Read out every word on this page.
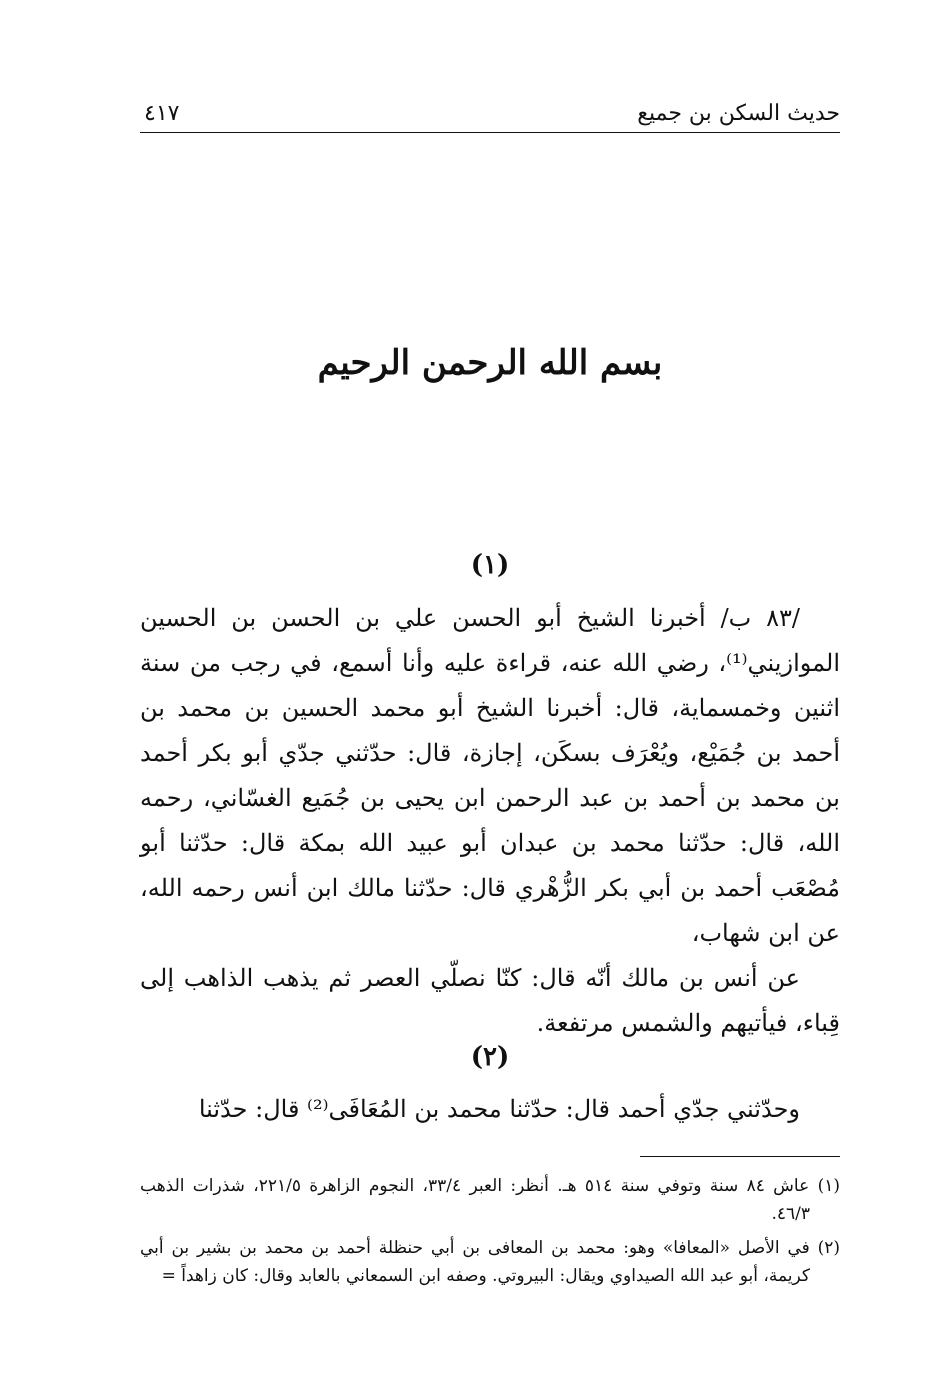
حديث السكن بن جميع
٤١٧
بسم الله الرحمن الرحيم
(١)

/٨٣ ب/ أخبرنا الشيخ أبو الحسن علي بن الحسن بن الحسين الموازيني⁽¹⁾، رضي الله عنه، قراءة عليه وأنا أسمع، في رجب من سنة اثنين وخمسماية، قال: أخبرنا الشيخ أبو محمد الحسين بن محمد بن أحمد بن جُمَيْع، ويُعْرَف بسكَن، إجازة، قال: حدّثني جدّي أبو بكر أحمد بن محمد بن أحمد بن عبد الرحمن ابن يحيى بن جُمَيع الغسّاني، رحمه الله، قال: حدّثنا محمد بن عبدان أبو عبيد الله بمكة قال: حدّثنا أبو مُصْعَب أحمد بن أبي بكر الزُّهْري قال: حدّثنا مالك ابن أنس رحمه الله، عن ابن شهاب،

عن أنس بن مالك أنّه قال: كنّا نصلّي العصر ثم يذهب الذاهب إلى قِباء، فيأتيهم والشمس مرتفعة.

(٢)

وحدّثني جدّي أحمد قال: حدّثنا محمد بن المُعَافَى⁽²⁾ قال: حدّثنا

(١) عاش ٨٤ سنة وتوفي سنة ٥١٤ هـ. أنظر: العبر ٣٣/٤، النجوم الزاهرة ٢٢١/٥، شذرات الذهب ٤٦/٣.

(٢) في الأصل «المعافا» وهو: محمد بن المعافى بن أبي حنظلة أحمد بن محمد بن بشير بن أبي كريمة، أبو عبد الله الصيداوي ويقال: البيروتي. وصفه ابن السمعاني بالعابد وقال: كان زاهداً =
